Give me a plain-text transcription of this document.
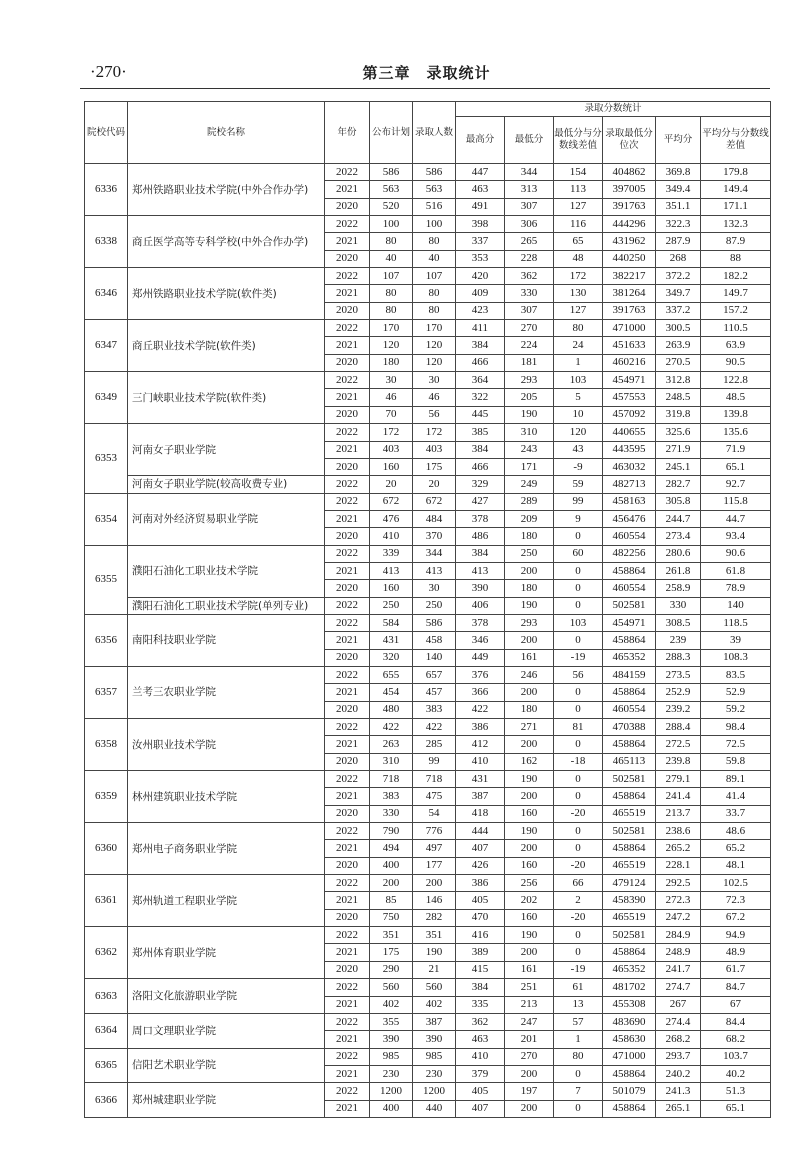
·270·	第三章　录取统计
院校代码	院校名称	年份	公布计划	录取人数	录取分数统计					
					最高分	最低分	最低分与分数线差值	录取最低分位次	平均分	平均分与分数线差值
6336	郑州铁路职业技术学院(中外合作办学)	2022	586	586	447	344	154	404862	369.8	179.8
		2021	563	563	463	313	113	397005	349.4	149.4
		2020	520	516	491	307	127	391763	351.1	171.1
6338	商丘医学高等专科学校(中外合作办学)	2022	100	100	398	306	116	444296	322.3	132.3
		2021	80	80	337	265	65	431962	287.9	87.9
		2020	40	40	353	228	48	440250	268	88
6346	郑州铁路职业技术学院(软件类)	2022	107	107	420	362	172	382217	372.2	182.2
		2021	80	80	409	330	130	381264	349.7	149.7
		2020	80	80	423	307	127	391763	337.2	157.2
6347	商丘职业技术学院(软件类)	2022	170	170	411	270	80	471000	300.5	110.5
		2021	120	120	384	224	24	451633	263.9	63.9
		2020	180	120	466	181	1	460216	270.5	90.5
6349	三门峡职业技术学院(软件类)	2022	30	30	364	293	103	454971	312.8	122.8
		2021	46	46	322	205	5	457553	248.5	48.5
		2020	70	56	445	190	10	457092	319.8	139.8
6353	河南女子职业学院	2022	172	172	385	310	120	440655	325.6	135.6
		2021	403	403	384	243	43	443595	271.9	71.9
		2020	160	175	466	171	-9	463032	245.1	65.1
	河南女子职业学院(较高收费专业)	2022	20	20	329	249	59	482713	282.7	92.7
6354	河南对外经济贸易职业学院	2022	672	672	427	289	99	458163	305.8	115.8
		2021	476	484	378	209	9	456476	244.7	44.7
		2020	410	370	486	180	0	460554	273.4	93.4
6355	濮阳石油化工职业技术学院	2022	339	344	384	250	60	482256	280.6	90.6
		2021	413	413	413	200	0	458864	261.8	61.8
		2020	160	30	390	180	0	460554	258.9	78.9
	濮阳石油化工职业技术学院(单列专业)	2022	250	250	406	190	0	502581	330	140
6356	南阳科技职业学院	2022	584	586	378	293	103	454971	308.5	118.5
		2021	431	458	346	200	0	458864	239	39
		2020	320	140	449	161	-19	465352	288.3	108.3
6357	兰考三农职业学院	2022	655	657	376	246	56	484159	273.5	83.5
		2021	454	457	366	200	0	458864	252.9	52.9
		2020	480	383	422	180	0	460554	239.2	59.2
6358	汝州职业技术学院	2022	422	422	386	271	81	470388	288.4	98.4
		2021	263	285	412	200	0	458864	272.5	72.5
		2020	310	99	410	162	-18	465113	239.8	59.8
6359	林州建筑职业技术学院	2022	718	718	431	190	0	502581	279.1	89.1
		2021	383	475	387	200	0	458864	241.4	41.4
		2020	330	54	418	160	-20	465519	213.7	33.7
6360	郑州电子商务职业学院	2022	790	776	444	190	0	502581	238.6	48.6
		2021	494	497	407	200	0	458864	265.2	65.2
		2020	400	177	426	160	-20	465519	228.1	48.1
6361	郑州轨道工程职业学院	2022	200	200	386	256	66	479124	292.5	102.5
		2021	85	146	405	202	2	458390	272.3	72.3
		2020	750	282	470	160	-20	465519	247.2	67.2
6362	郑州体育职业学院	2022	351	351	416	190	0	502581	284.9	94.9
		2021	175	190	389	200	0	458864	248.9	48.9
		2020	290	21	415	161	-19	465352	241.7	61.7
6363	洛阳文化旅游职业学院	2022	560	560	384	251	61	481702	274.7	84.7
		2021	402	402	335	213	13	455308	267	67
6364	周口文理职业学院	2022	355	387	362	247	57	483690	274.4	84.4
		2021	390	390	463	201	1	458630	268.2	68.2
6365	信阳艺术职业学院	2022	985	985	410	270	80	471000	293.7	103.7
		2021	230	230	379	200	0	458864	240.2	40.2
6366	郑州城建职业学院	2022	1200	1200	405	197	7	501079	241.3	51.3
		2021	400	440	407	200	0	458864	265.1	65.1
